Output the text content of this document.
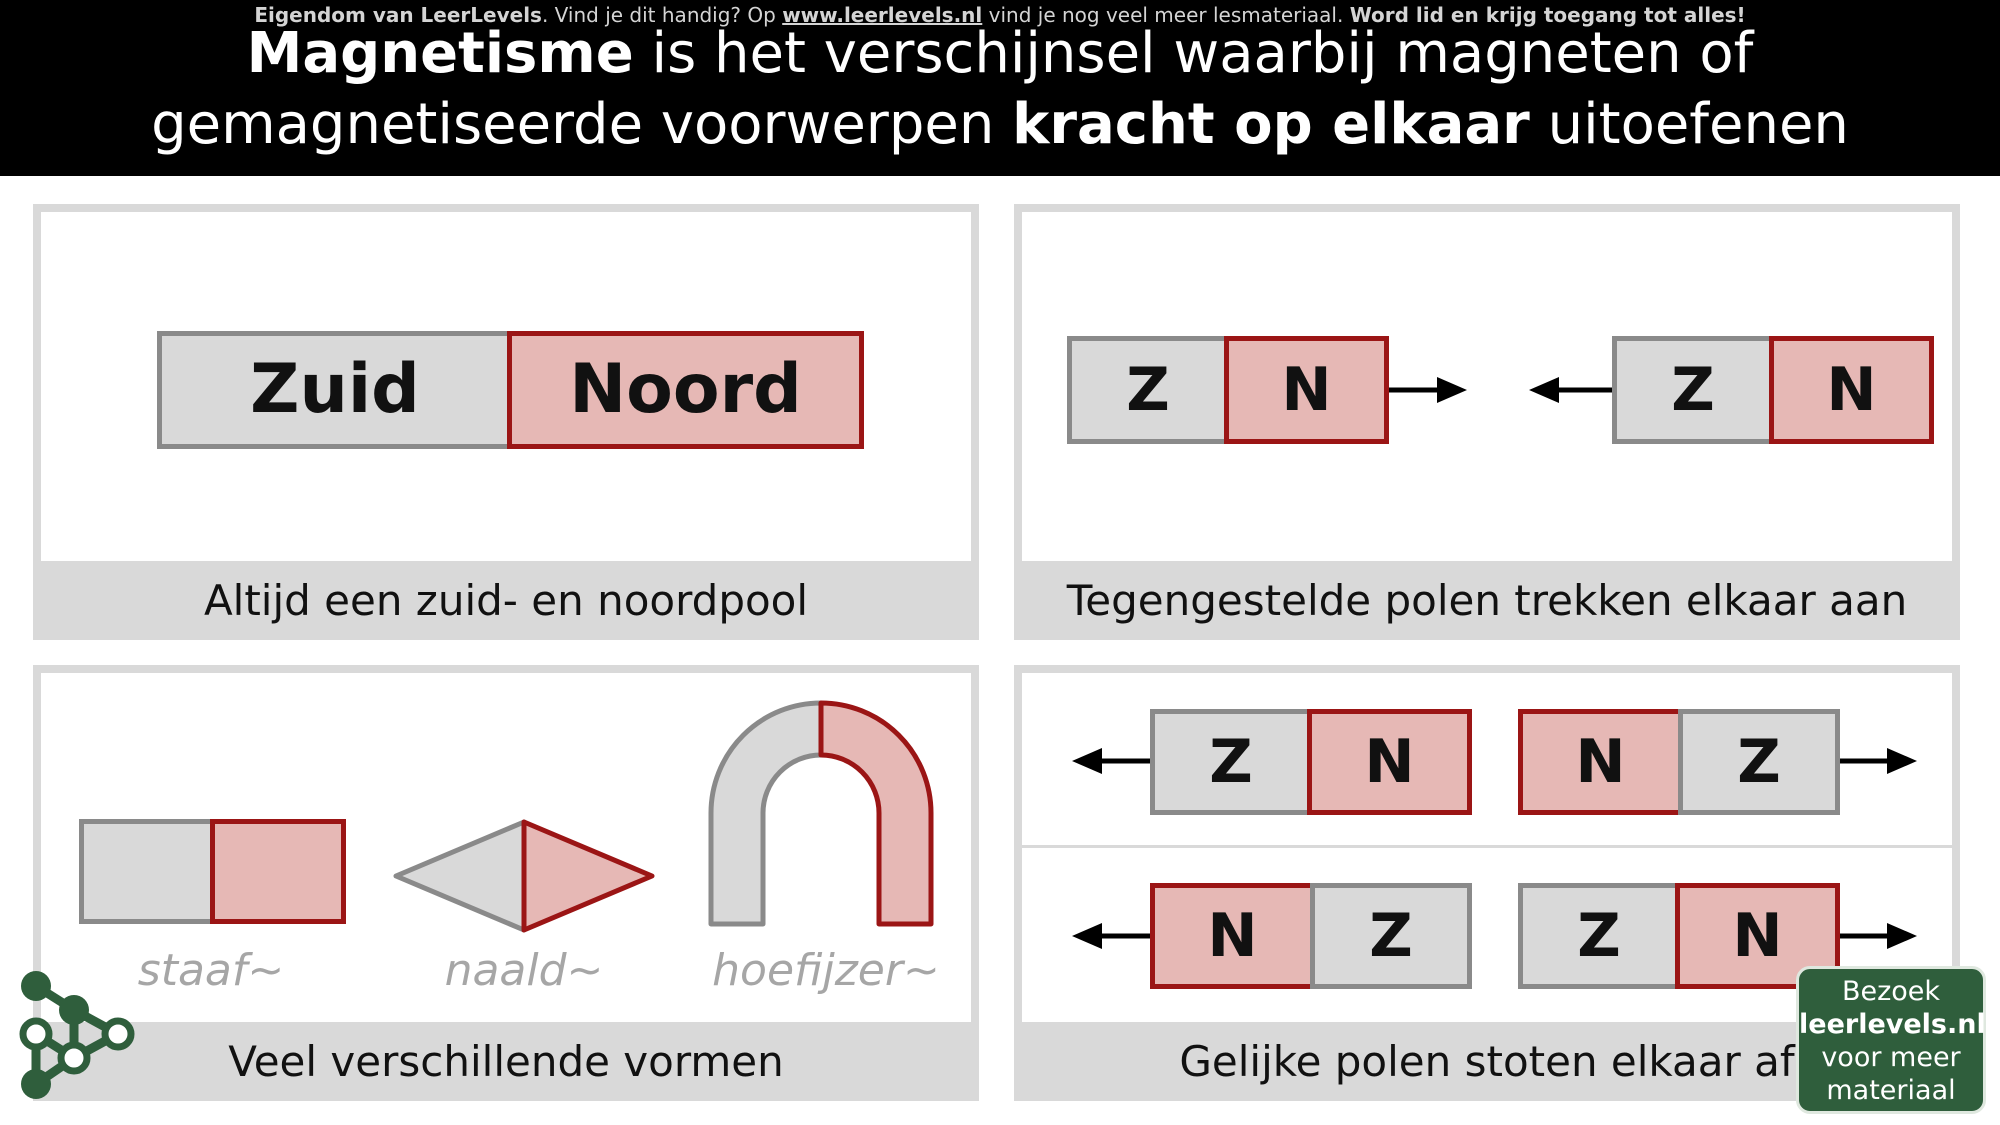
Eigendom van LeerLevels. Vind je dit handig? Op www.leerlevels.nl vind je nog veel meer lesmateriaal. Word lid en krijg toegang tot alles!
Magnetisme is het verschijnsel waarbij magneten of
gemagnetiseerde voorwerpen kracht op elkaar uitoefenen
Zuid	Noord
Altijd een zuid- en noordpool
Z	N	Z	N
Tegengestelde polen trekken elkaar aan
staaf~	naald~	hoefijzer~
Veel verschillende vormen
Z	N	N	Z
N	Z	Z	N
Gelijke polen stoten elkaar af
Bezoek
leerlevels.nl
voor meer
materiaal
